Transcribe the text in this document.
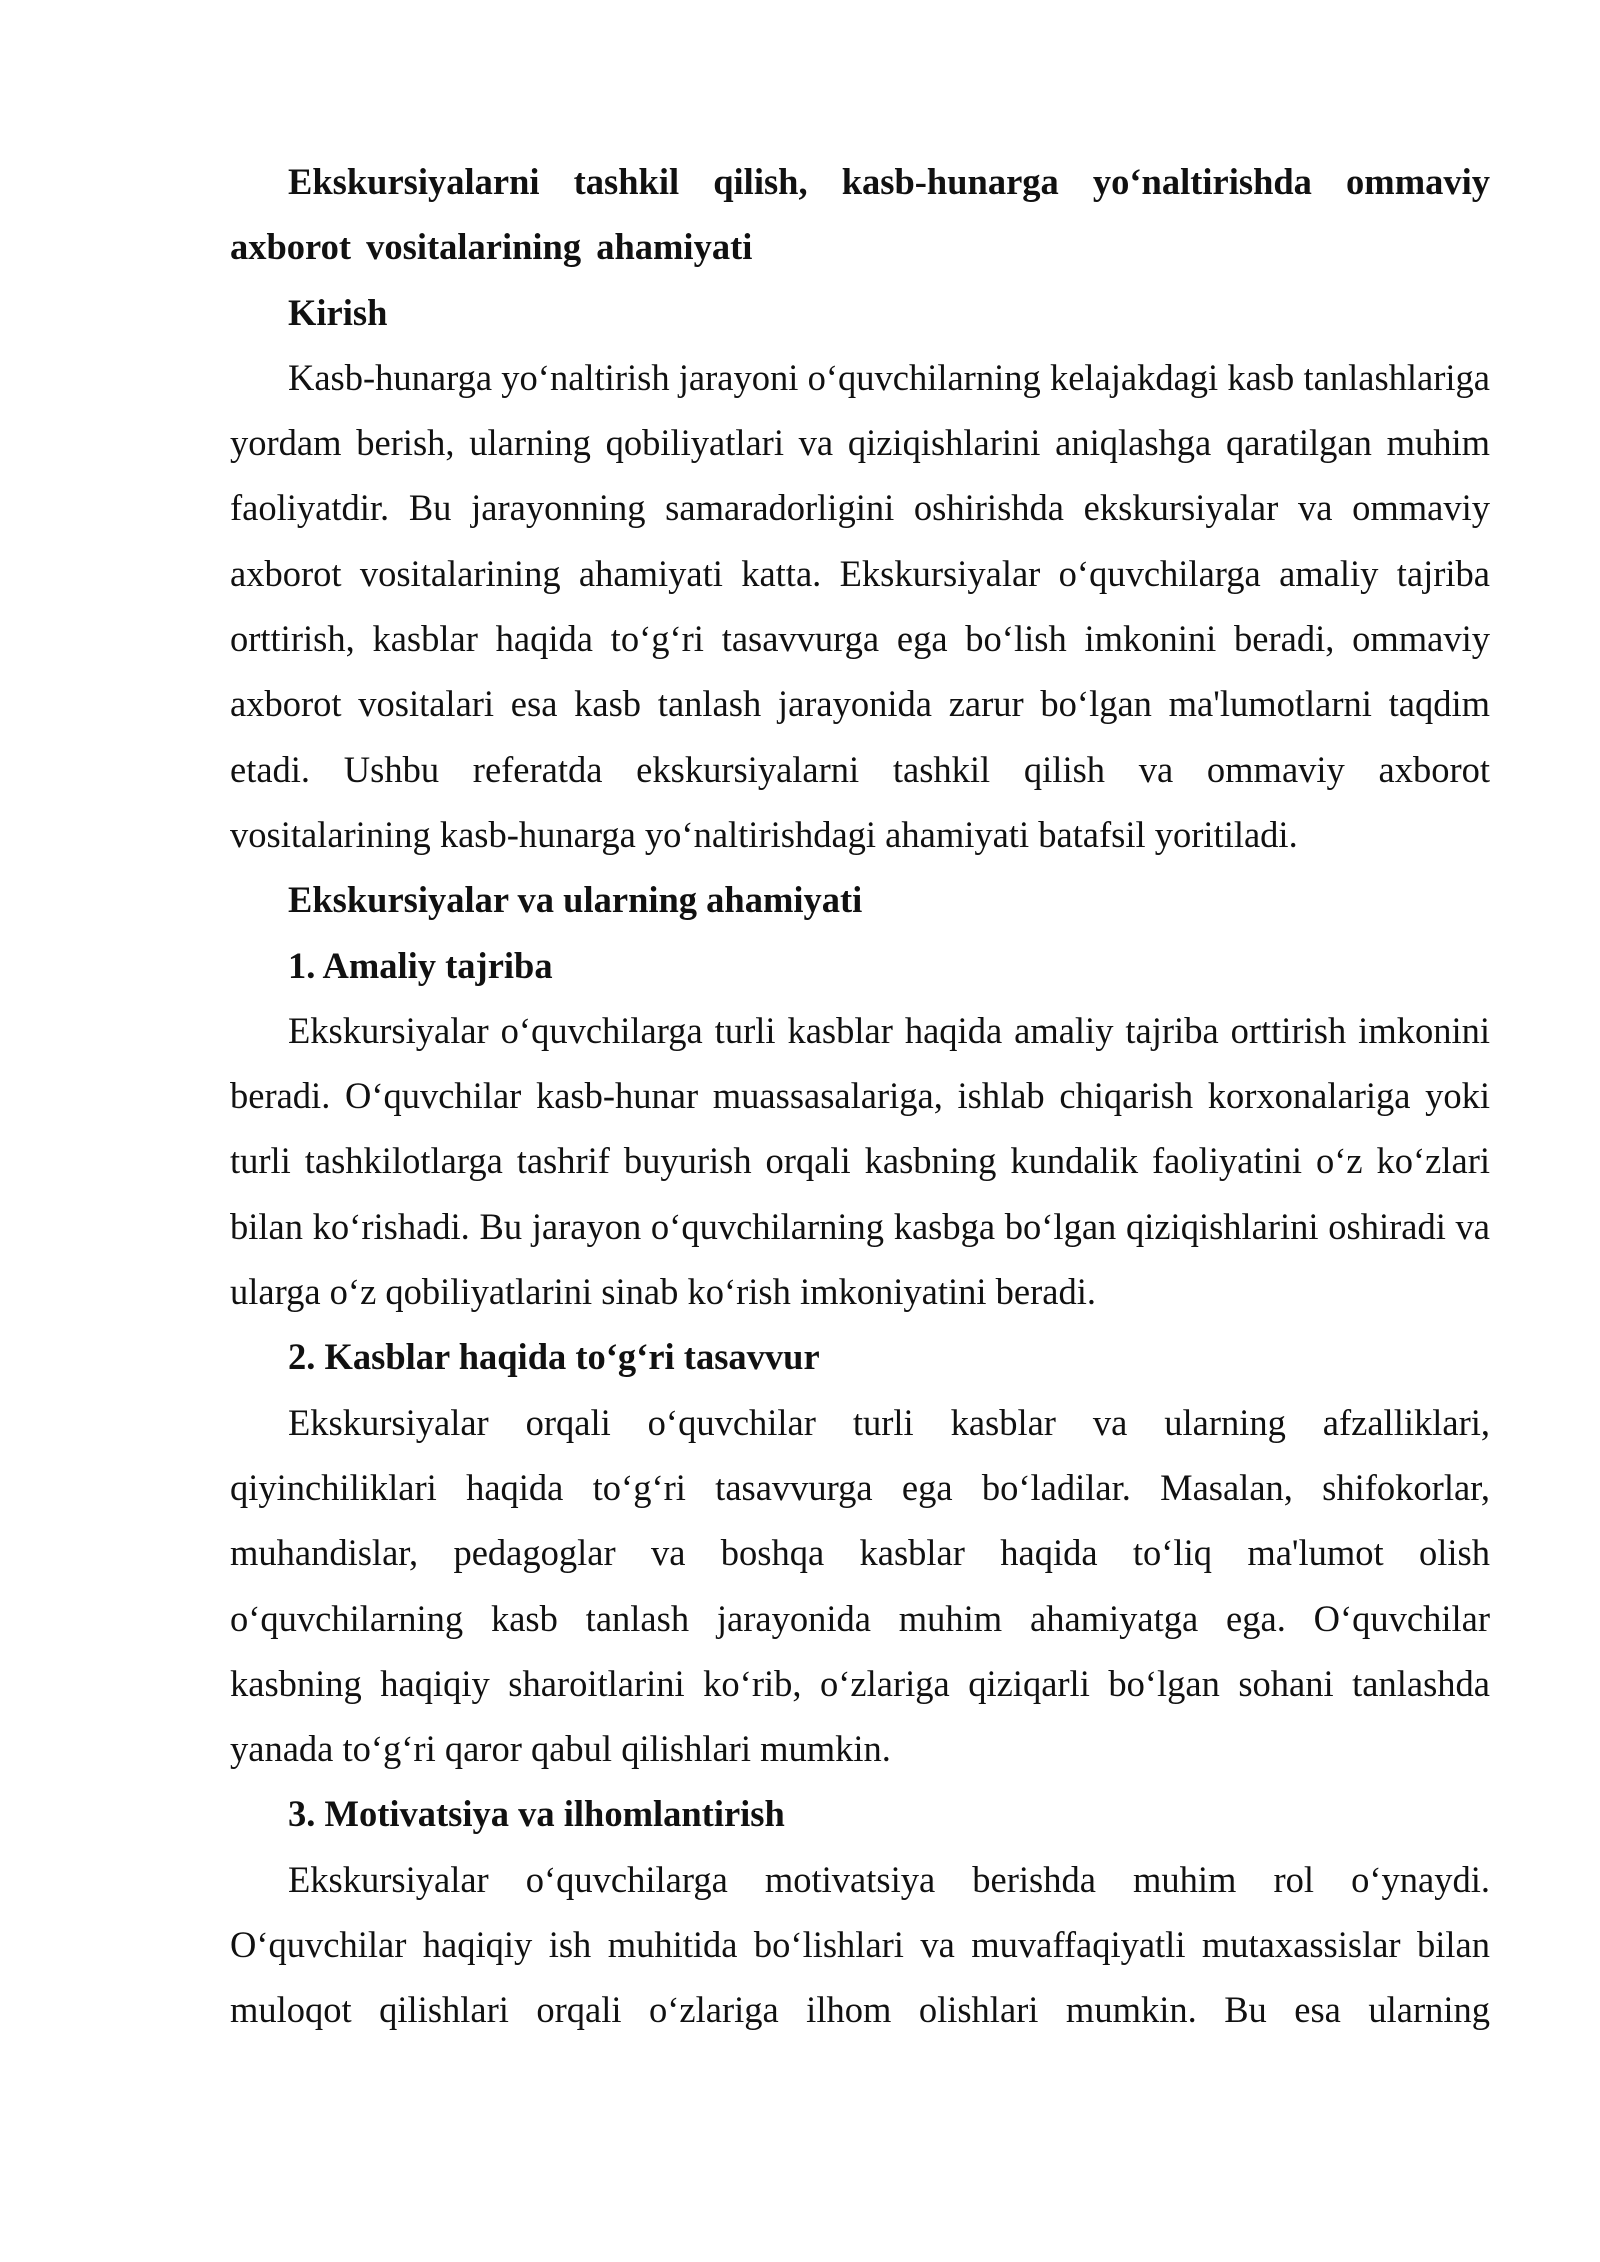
Ekskursiyalarni tashkil qilish, kasb-hunarga yo‘naltirishda ommaviy axborot vositalarining ahamiyati

Kirish

Kasb-hunarga yo‘naltirish jarayoni o‘quvchilarning kelajakdagi kasb tanlashlariga yordam berish, ularning qobiliyatlari va qiziqishlarini aniqlashga qaratilgan muhim faoliyatdir. Bu jarayonning samaradorligini oshirishda ekskursiyalar va ommaviy axborot vositalarining ahamiyati katta. Ekskursiyalar o‘quvchilarga amaliy tajriba orttirish, kasblar haqida to‘g‘ri tasavvurga ega bo‘lish imkonini beradi, ommaviy axborot vositalari esa kasb tanlash jarayonida zarur bo‘lgan ma'lumotlarni taqdim etadi. Ushbu referatda ekskursiyalarni tashkil qilish va ommaviy axborot vositalarining kasb-hunarga yo‘naltirishdagi ahamiyati batafsil yoritiladi.

Ekskursiyalar va ularning ahamiyati

1. Amaliy tajriba

Ekskursiyalar o‘quvchilarga turli kasblar haqida amaliy tajriba orttirish imkonini beradi. O‘quvchilar kasb-hunar muassasalariga, ishlab chiqarish korxonalariga yoki turli tashkilotlarga tashrif buyurish orqali kasbning kundalik faoliyatini o‘z ko‘zlari bilan ko‘rishadi. Bu jarayon o‘quvchilarning kasbga bo‘lgan qiziqishlarini oshiradi va ularga o‘z qobiliyatlarini sinab ko‘rish imkoniyatini beradi.

2. Kasblar haqida to‘g‘ri tasavvur

Ekskursiyalar orqali o‘quvchilar turli kasblar va ularning afzalliklari, qiyinchiliklari haqida to‘g‘ri tasavvurga ega bo‘ladilar. Masalan, shifokorlar, muhandislar, pedagoglar va boshqa kasblar haqida to‘liq ma'lumot olish o‘quvchilarning kasb tanlash jarayonida muhim ahamiyatga ega. O‘quvchilar kasbning haqiqiy sharoitlarini ko‘rib, o‘zlariga qiziqarli bo‘lgan sohani tanlashda yanada to‘g‘ri qaror qabul qilishlari mumkin.

3. Motivatsiya va ilhomlantirish

Ekskursiyalar o‘quvchilarga motivatsiya berishda muhim rol o‘ynaydi. O‘quvchilar haqiqiy ish muhitida bo‘lishlari va muvaffaqiyatli mutaxassislar bilan muloqot qilishlari orqali o‘zlariga ilhom olishlari mumkin. Bu esa ularning
